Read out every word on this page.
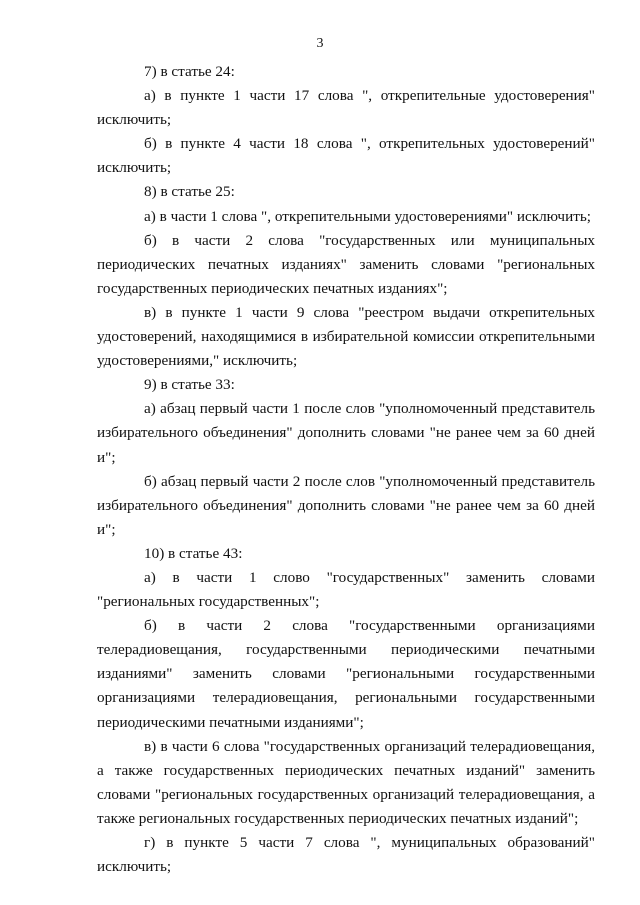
3

7) в статье 24:

а) в пункте 1 части 17 слова ", открепительные удостоверения" исключить;

б) в пункте 4 части 18 слова ", открепительных удостоверений" исключить;

8) в статье 25:

а) в части 1 слова ", открепительными удостоверениями" исключить;

б) в части 2 слова "государственных или муниципальных периодических печатных изданиях" заменить словами "региональных государственных периодических печатных изданиях";

в) в пункте 1 части 9 слова "реестром выдачи открепительных удостоверений, находящимися в избирательной комиссии открепительными удостоверениями," исключить;

9) в статье 33:

а) абзац первый части 1 после слов "уполномоченный представитель избирательного объединения" дополнить словами "не ранее чем за 60 дней и";

б) абзац первый части 2 после слов "уполномоченный представитель избирательного объединения" дополнить словами "не ранее чем за 60 дней и";

10) в статье 43:

а) в части 1 слово "государственных" заменить словами "региональных государственных";

б) в части 2 слова "государственными организациями телерадиовещания, государственными периодическими печатными изданиями" заменить словами "региональными государственными организациями телерадиовещания, региональными государственными периодическими печатными изданиями";

в) в части 6 слова "государственных организаций телерадиовещания, а также государственных периодических печатных изданий" заменить словами "региональных государственных организаций телерадиовещания, а также региональных государственных периодических печатных изданий";

г) в пункте 5 части 7 слова ", муниципальных образований" исключить;
